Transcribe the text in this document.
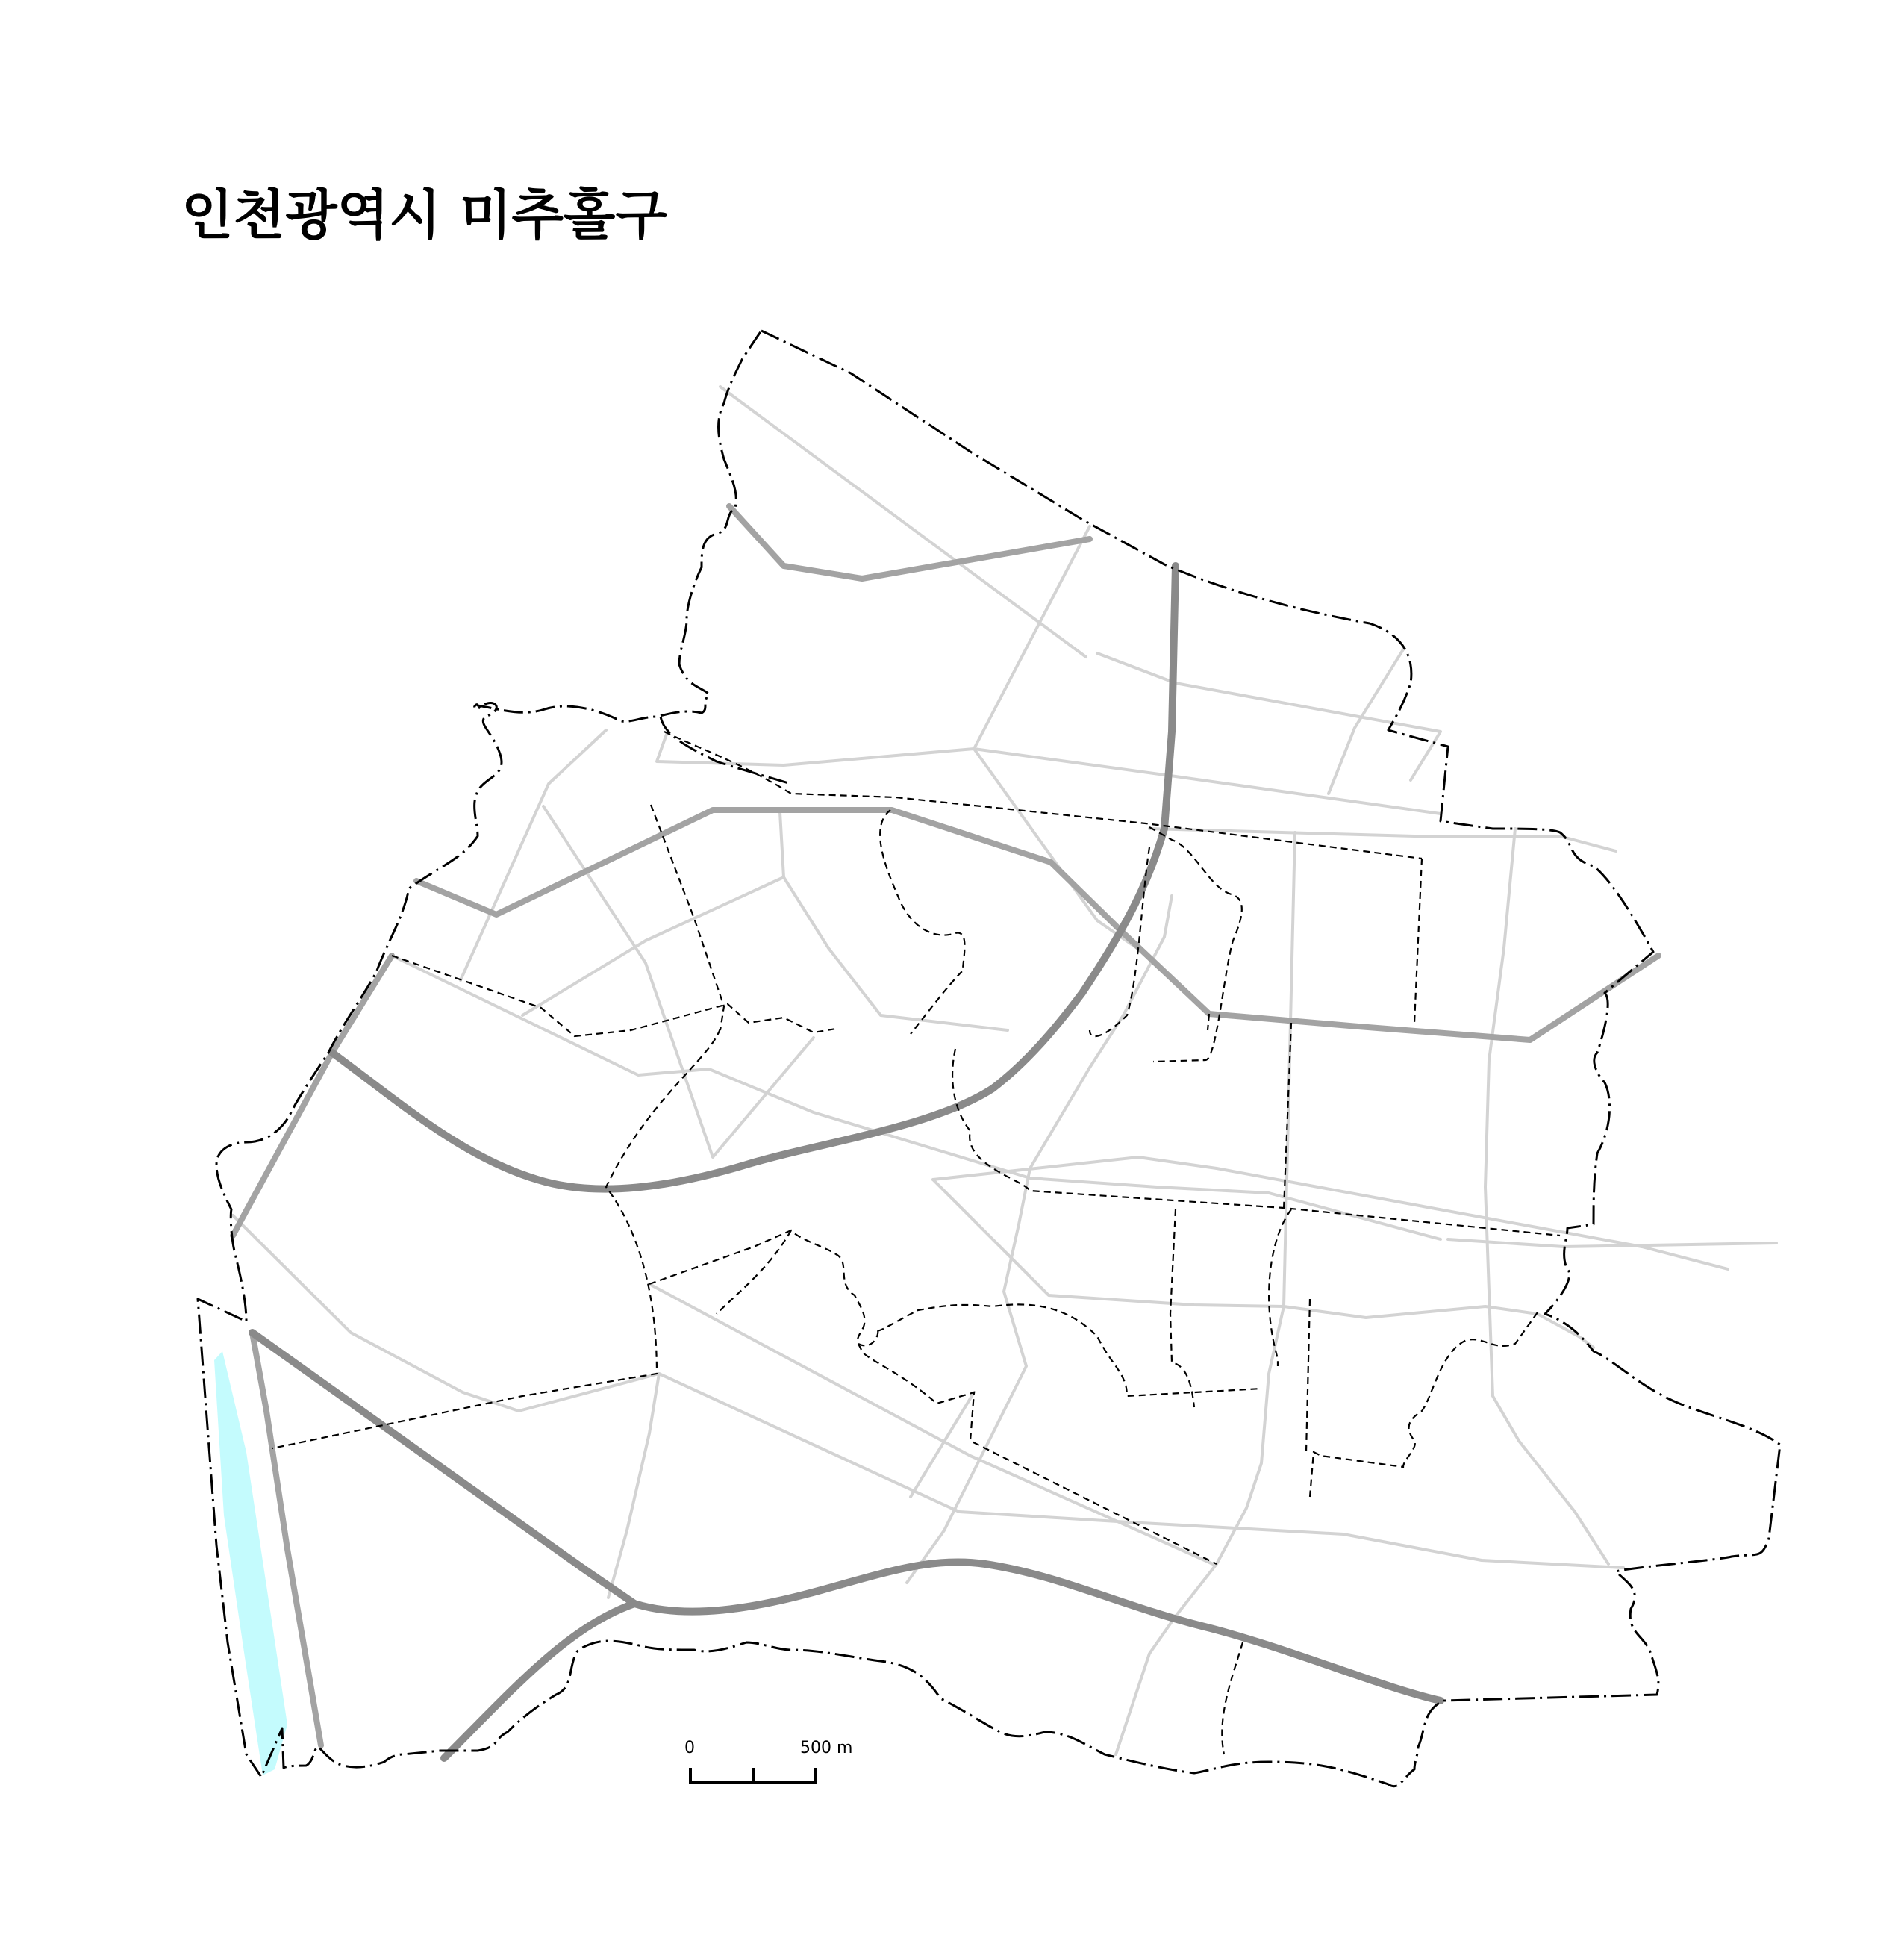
인천광역시 미추홀구
0	500 m
